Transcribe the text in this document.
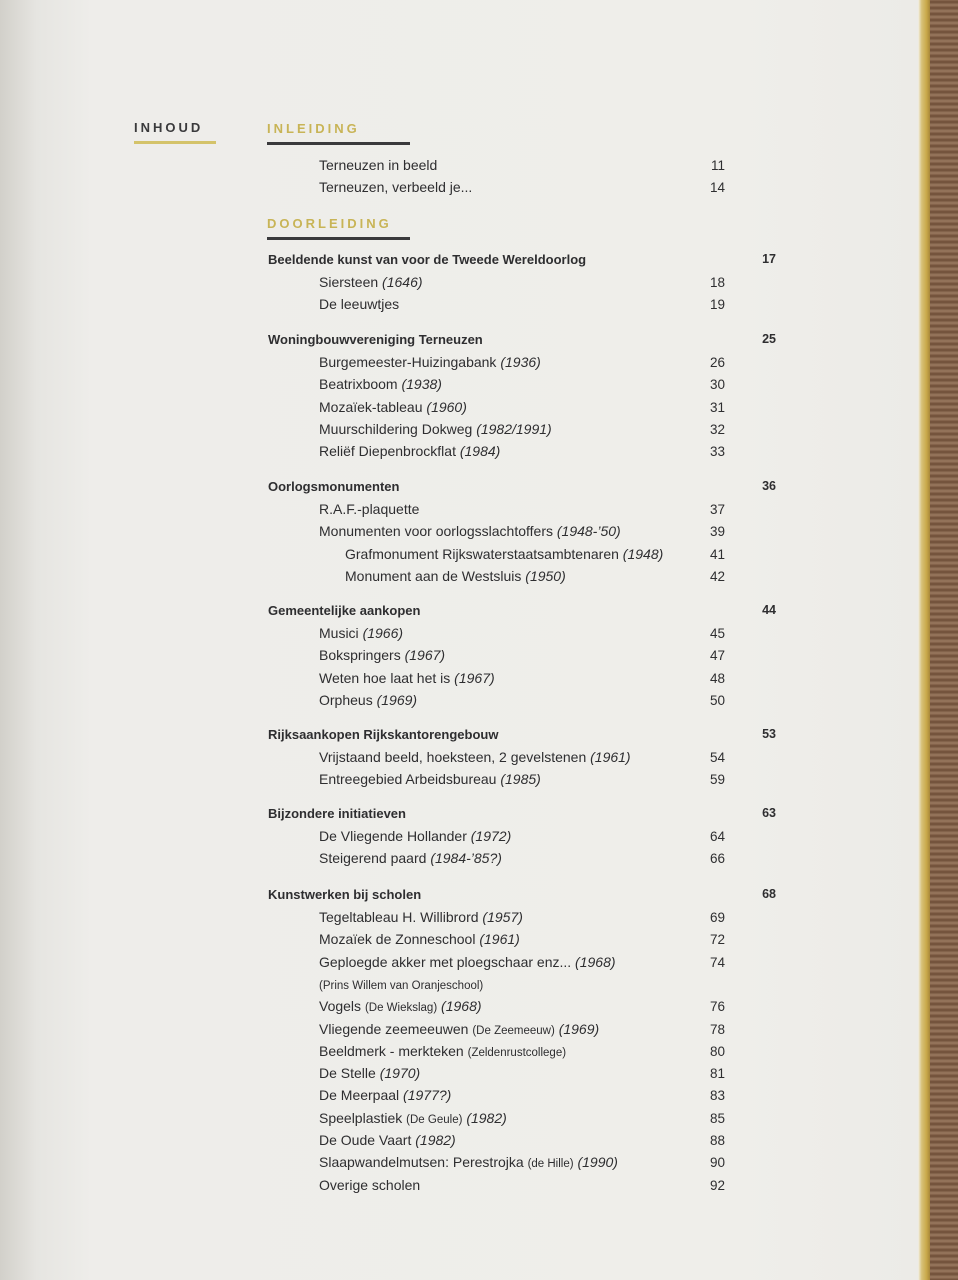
INHOUD	INLEIDING
DOORLEIDING
Terneuzen in beeld	11
Terneuzen, verbeeld je...	14
Beeldende kunst van voor de Tweede Wereldoorlog	17
Siersteen (1646)	18
De leeuwtjes	19
Woningbouwvereniging Terneuzen	25
Burgemeester-Huizingabank (1936)	26
Beatrixboom (1938)	30
Mozaïek-tableau (1960)	31
Muurschildering Dokweg (1982/1991)	32
Reliëf Diepenbrockflat (1984)	33
Oorlogsmonumenten	36
R.A.F.-plaquette	37
Monumenten voor oorlogsslachtoffers (1948-’50)	39
Grafmonument Rijkswaterstaatsambtenaren (1948)	41
Monument aan de Westsluis (1950)	42
Gemeentelijke aankopen	44
Musici (1966)	45
Bokspringers (1967)	47
Weten hoe laat het is (1967)	48
Orpheus (1969)	50
Rijksaankopen Rijkskantorengebouw	53
Vrijstaand beeld, hoeksteen, 2 gevelstenen (1961)	54
Entreegebied Arbeidsbureau (1985)	59
Bijzondere initiatieven	63
De Vliegende Hollander (1972)	64
Steigerend paard (1984-’85?)	66
Kunstwerken bij scholen	68
Tegeltableau H. Willibrord (1957)	69
Mozaïek de Zonneschool (1961)	72
Geploegde akker met ploegschaar enz... (1968)	74
(Prins Willem van Oranjeschool)
Vogels (De Wiekslag) (1968)	76
Vliegende zeemeeuwen (De Zeemeeuw) (1969)	78
Beeldmerk - merkteken (Zeldenrustcollege)	80
De Stelle (1970)	81
De Meerpaal (1977?)	83
Speelplastiek (De Geule) (1982)	85
De Oude Vaart (1982)	88
Slaapwandelmutsen: Perestrojka (de Hille) (1990)	90
Overige scholen	92
